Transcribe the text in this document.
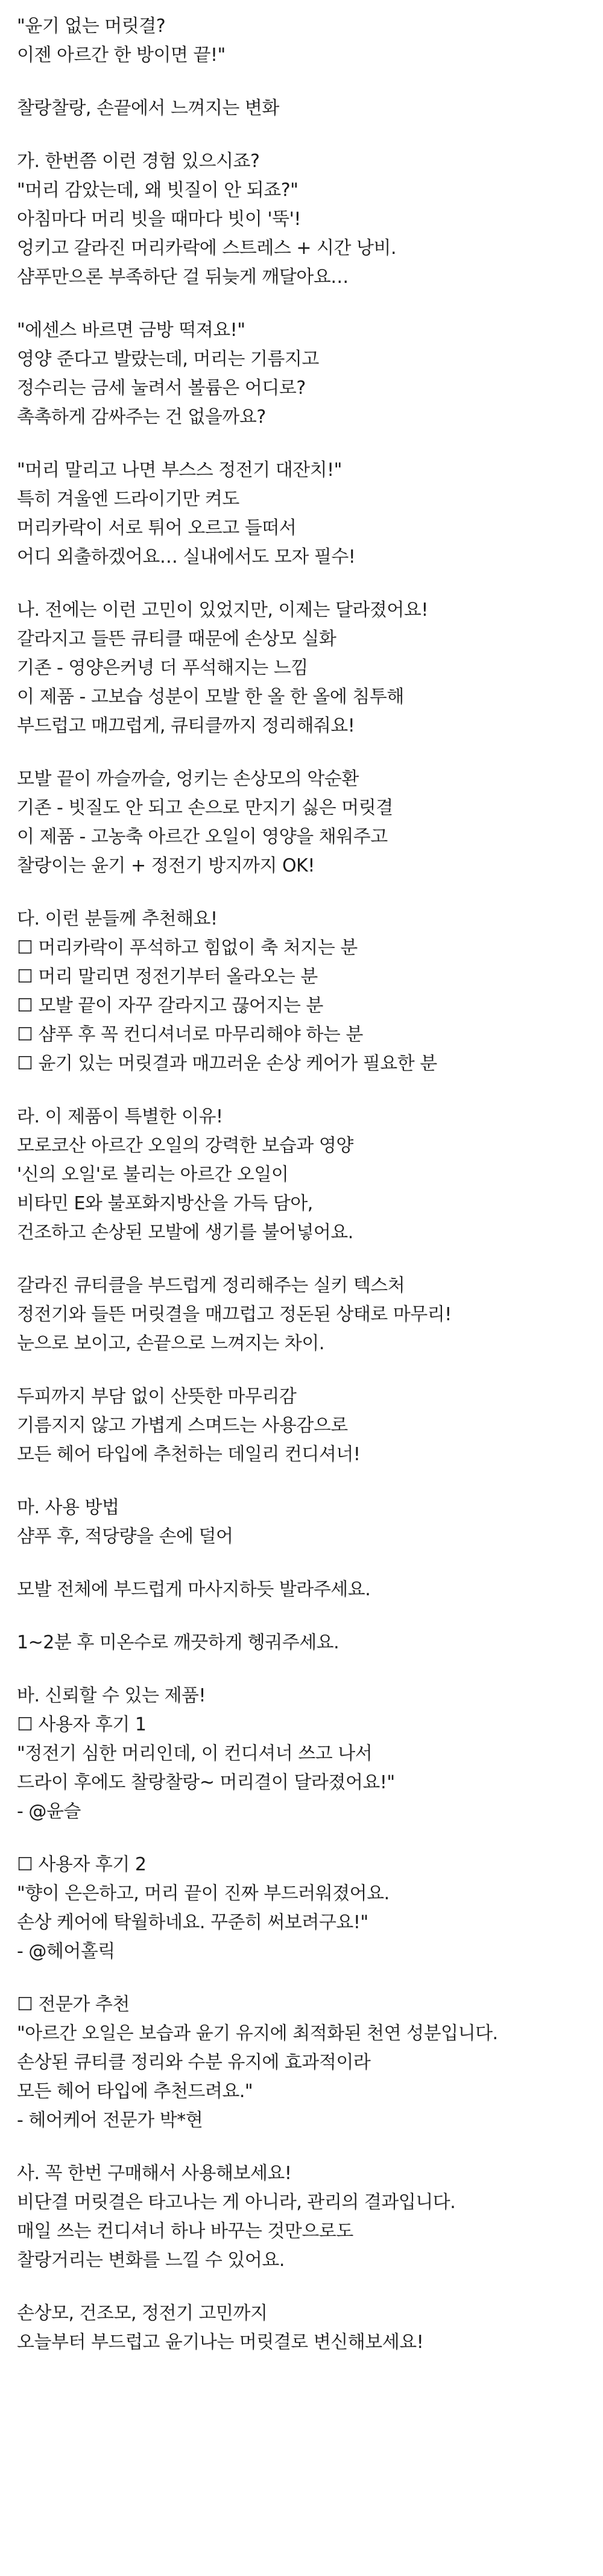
"윤기 없는 머릿결?
이젠 아르간 한 방이면 끝!"
찰랑찰랑, 손끝에서 느껴지는 변화
가. 한번쯤 이런 경험 있으시죠?
"머리 감았는데, 왜 빗질이 안 되죠?"
아침마다 머리 빗을 때마다 빗이 '뚝'!
엉키고 갈라진 머리카락에 스트레스 + 시간 낭비.
샴푸만으론 부족하단 걸 뒤늦게 깨달아요…
"에센스 바르면 금방 떡져요!"
영양 준다고 발랐는데, 머리는 기름지고
정수리는 금세 눌려서 볼륨은 어디로?
촉촉하게 감싸주는 건 없을까요?
"머리 말리고 나면 부스스 정전기 대잔치!"
특히 겨울엔 드라이기만 켜도
머리카락이 서로 튀어 오르고 들떠서
어디 외출하겠어요… 실내에서도 모자 필수!
나. 전에는 이런 고민이 있었지만, 이제는 달라졌어요!
갈라지고 들뜬 큐티클 때문에 손상모 실화
기존 - 영양은커녕 더 푸석해지는 느낌
이 제품 - 고보습 성분이 모발 한 올 한 올에 침투해
부드럽고 매끄럽게, 큐티클까지 정리해줘요!
모발 끝이 까슬까슬, 엉키는 손상모의 악순환
기존 - 빗질도 안 되고 손으로 만지기 싫은 머릿결
이 제품 - 고농축 아르간 오일이 영양을 채워주고
찰랑이는 윤기 + 정전기 방지까지 OK!
다. 이런 분들께 추천해요!
☐ 머리카락이 푸석하고 힘없이 축 처지는 분
☐ 머리 말리면 정전기부터 올라오는 분
☐ 모발 끝이 자꾸 갈라지고 끊어지는 분
☐ 샴푸 후 꼭 컨디셔너로 마무리해야 하는 분
☐ 윤기 있는 머릿결과 매끄러운 손상 케어가 필요한 분
라. 이 제품이 특별한 이유!
모로코산 아르간 오일의 강력한 보습과 영양
'신의 오일'로 불리는 아르간 오일이
비타민 E와 불포화지방산을 가득 담아,
건조하고 손상된 모발에 생기를 불어넣어요.
갈라진 큐티클을 부드럽게 정리해주는 실키 텍스처
정전기와 들뜬 머릿결을 매끄럽고 정돈된 상태로 마무리!
눈으로 보이고, 손끝으로 느껴지는 차이.
두피까지 부담 없이 산뜻한 마무리감
기름지지 않고 가볍게 스며드는 사용감으로
모든 헤어 타입에 추천하는 데일리 컨디셔너!
마. 사용 방법
샴푸 후, 적당량을 손에 덜어
모발 전체에 부드럽게 마사지하듯 발라주세요.
1~2분 후 미온수로 깨끗하게 헹궈주세요.
바. 신뢰할 수 있는 제품!
☐ 사용자 후기 1
"정전기 심한 머리인데, 이 컨디셔너 쓰고 나서
드라이 후에도 찰랑찰랑~ 머리결이 달라졌어요!"
- @윤슬
☐ 사용자 후기 2
"향이 은은하고, 머리 끝이 진짜 부드러워졌어요.
손상 케어에 탁월하네요. 꾸준히 써보려구요!"
- @헤어홀릭
☐ 전문가 추천
"아르간 오일은 보습과 윤기 유지에 최적화된 천연 성분입니다.
손상된 큐티클 정리와 수분 유지에 효과적이라
모든 헤어 타입에 추천드려요."
- 헤어케어 전문가 박*현
사. 꼭 한번 구매해서 사용해보세요!
비단결 머릿결은 타고나는 게 아니라, 관리의 결과입니다.
매일 쓰는 컨디셔너 하나 바꾸는 것만으로도
찰랑거리는 변화를 느낄 수 있어요.
손상모, 건조모, 정전기 고민까지
오늘부터 부드럽고 윤기나는 머릿결로 변신해보세요!
